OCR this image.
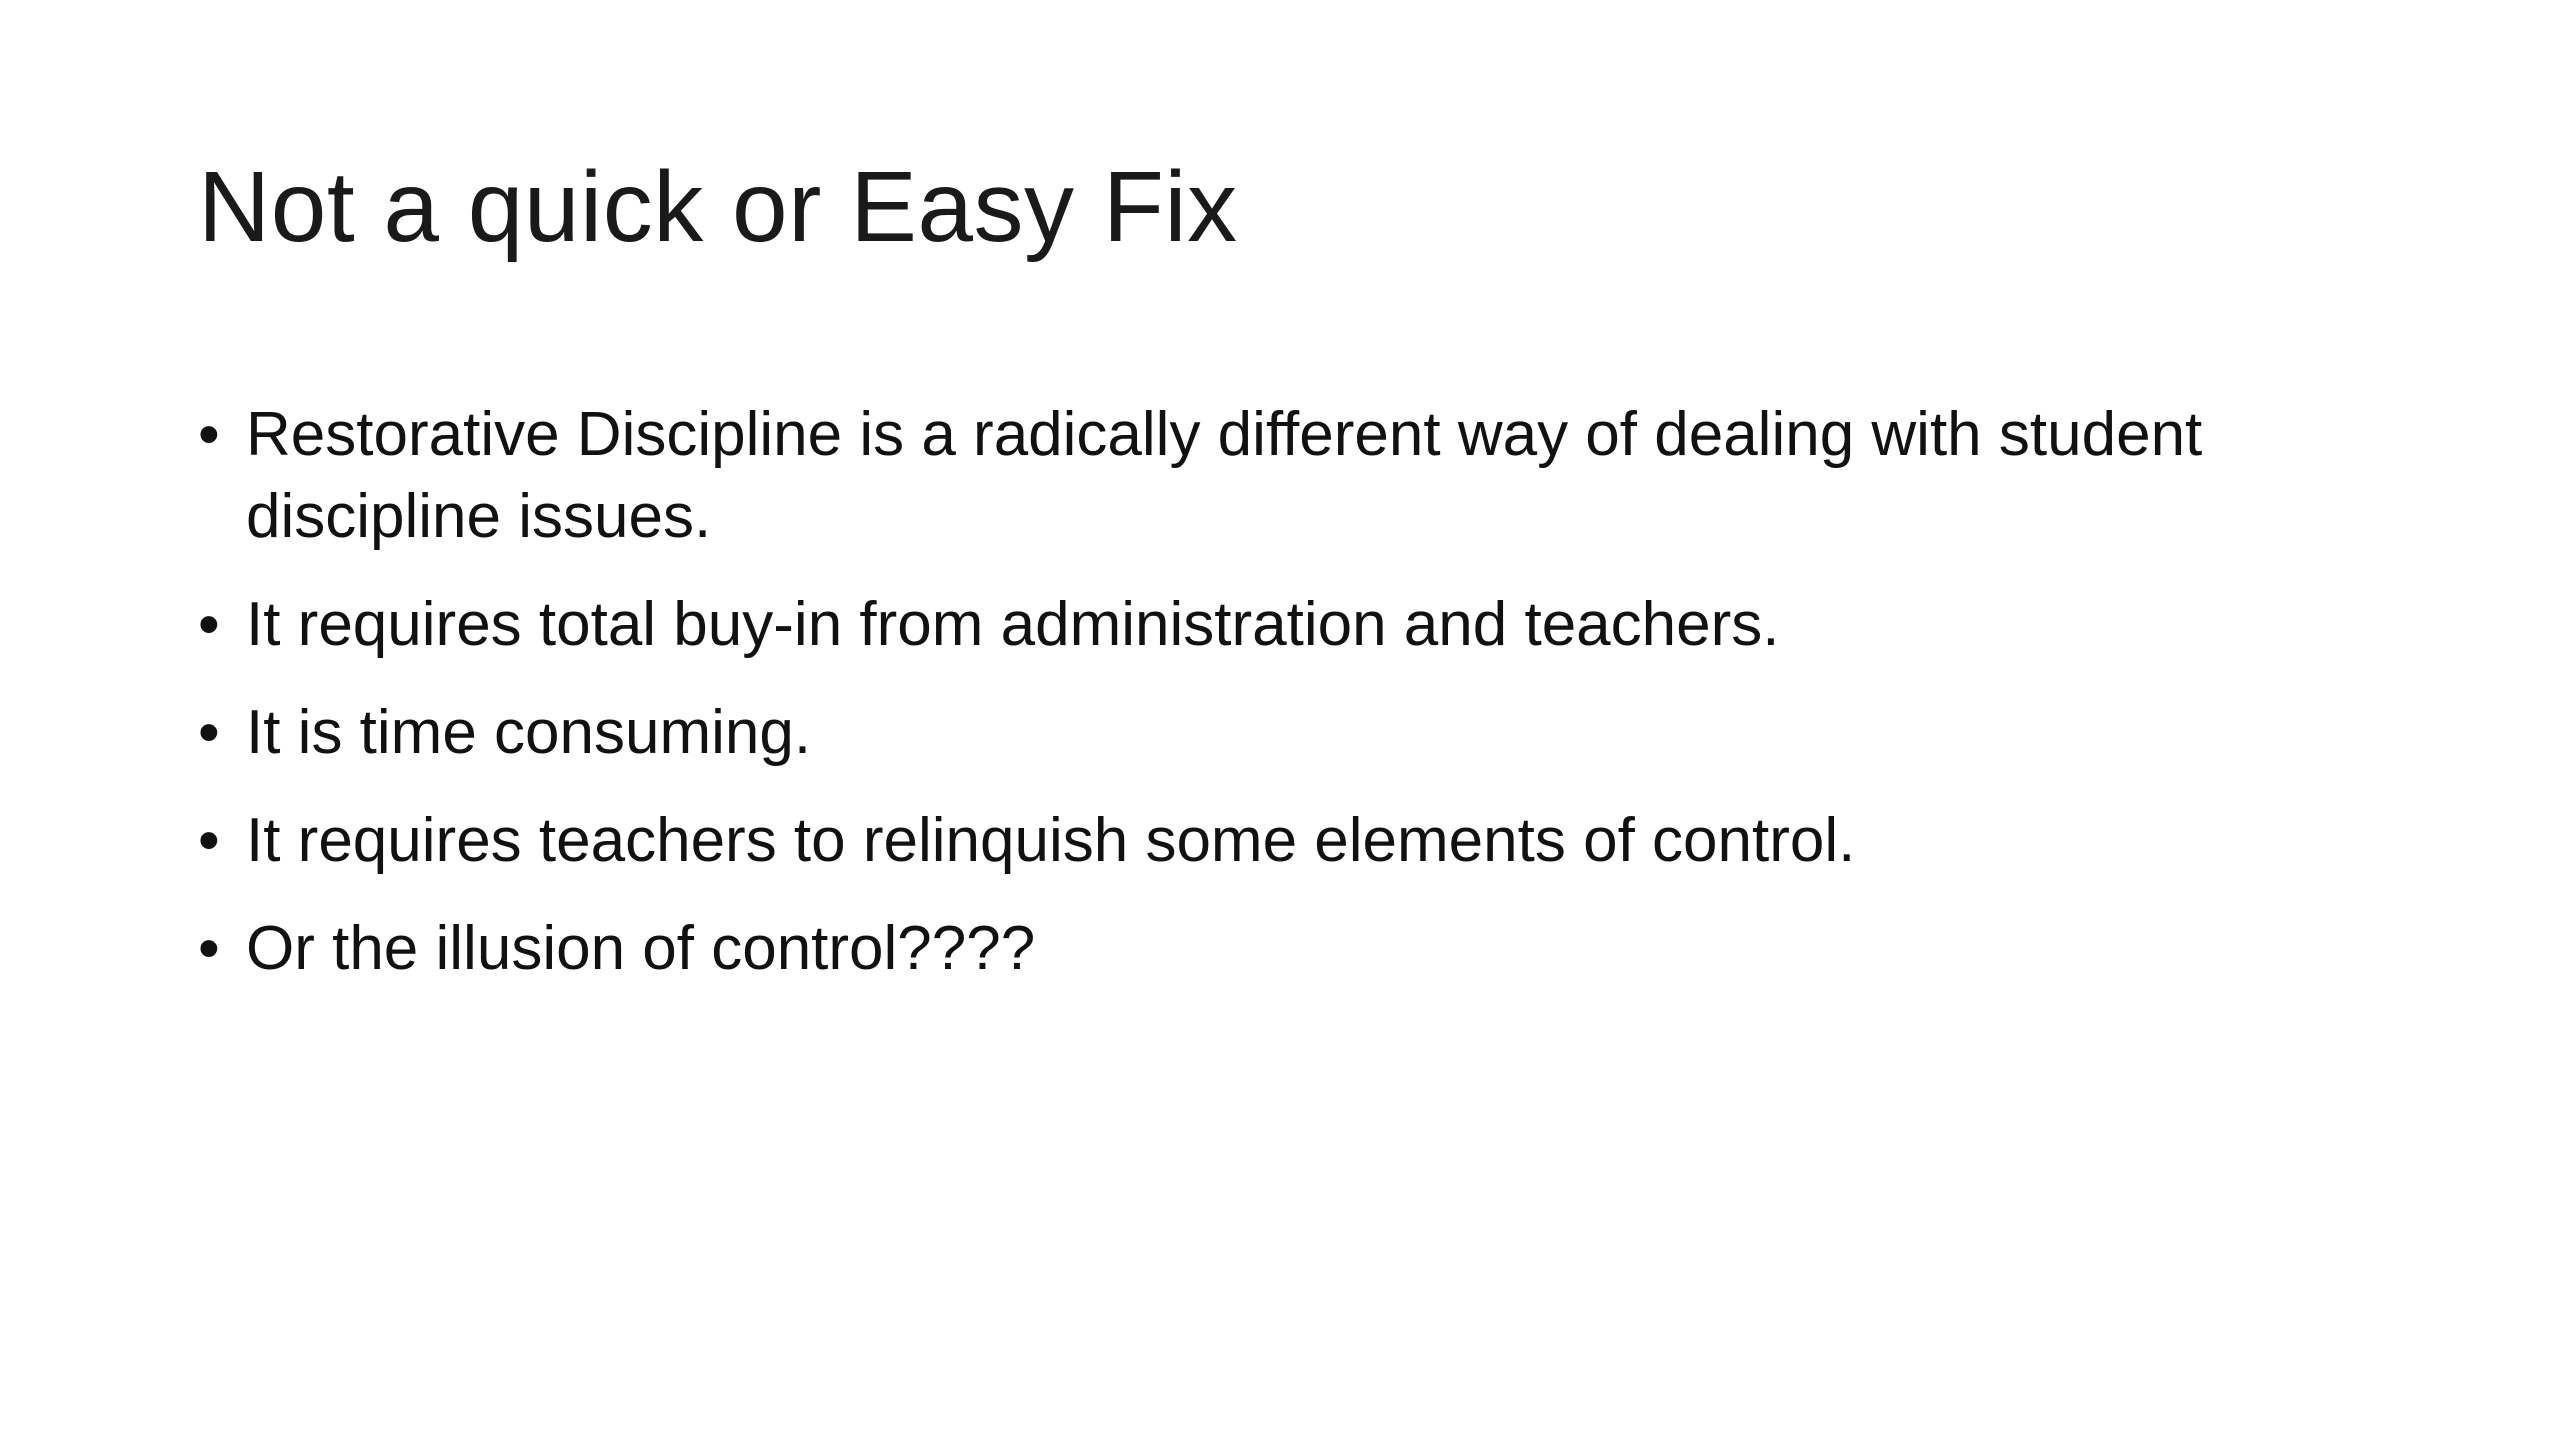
Not a quick or Easy Fix
• Restorative Discipline is a radically different way of dealing with student discipline issues.
• It requires total buy-in from administration and teachers.
• It is time consuming.
• It requires teachers to relinquish some elements of control.
• Or the illusion of control????
